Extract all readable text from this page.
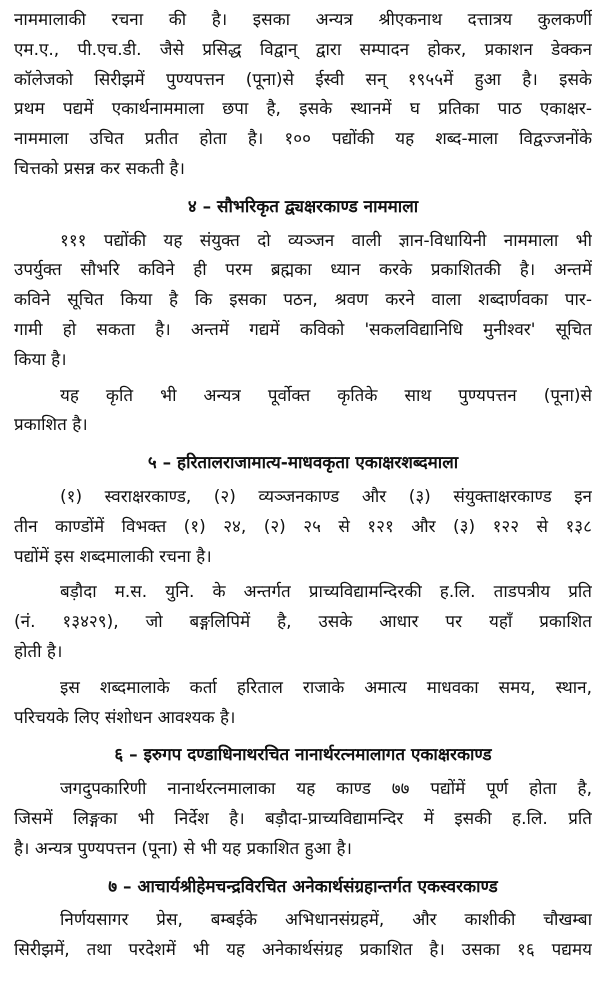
नाममालाकी रचना की है। इसका अन्यत्र श्रीएकनाथ दत्तात्रय कुलकर्णी
एम.ए., पी.एच.डी. जैसे प्रसिद्ध विद्वान् द्वारा सम्पादन होकर, प्रकाशन डेक्कन
कॉलेजको सिरीझमें पुण्यपत्तन (पूना)से ईस्वी सन् १९५५में हुआ है। इसके
प्रथम पद्यमें एकार्थनाममाला छपा है, इसके स्थानमें घ प्रतिका पाठ एकाक्षर-
नाममाला उचित प्रतीत होता है। १०० पद्योंकी यह शब्द-माला विद्वज्जनोंके
चित्तको प्रसन्न कर सकती है।
४ – सौभरिकृत द्व्यक्षरकाण्ड नाममाला
१११ पद्योंकी यह संयुक्त दो व्यञ्जन वाली ज्ञान-विधायिनी नाममाला भी
उपर्युक्त सौभरि कविने ही परम ब्रह्मका ध्यान करके प्रकाशितकी है। अन्तमें
कविने सूचित किया है कि इसका पठन, श्रवण करने वाला शब्दार्णवका पार-
गामी हो सकता है। अन्तमें गद्यमें कविको 'सकलविद्यानिधि मुनीश्वर' सूचित
किया है।
यह कृति भी अन्यत्र पूर्वोक्त कृतिके साथ पुण्यपत्तन (पूना)से
प्रकाशित है।
५ – हरितालराजामात्य-माधवकृता एकाक्षरशब्दमाला
(१) स्वराक्षरकाण्ड, (२) व्यञ्जनकाण्ड और (३) संयुक्ताक्षरकाण्ड इन
तीन काण्डोंमें विभक्त (१) २४, (२) २५ से १२१ और (३) १२२ से १३८
पद्योंमें इस शब्दमालाकी रचना है।
बड़ौदा म.स. युनि. के अन्तर्गत प्राच्यविद्यामन्दिरकी ह.लि. ताडपत्रीय प्रति
(नं. १३४२९), जो बङ्गलिपिमें है, उसके आधार पर यहाँ प्रकाशित
होती है।
इस शब्दमालाके कर्ता हरिताल राजाके अमात्य माधवका समय, स्थान,
परिचयके लिए संशोधन आवश्यक है।
६ – इरुगप दण्डाधिनाथरचित नानार्थरत्नमालागत एकाक्षरकाण्ड
जगदुपकारिणी नानार्थरत्नमालाका यह काण्ड ७७ पद्योंमें पूर्ण होता है,
जिसमें लिङ्गका भी निर्देश है। बड़ौदा-प्राच्यविद्यामन्दिर में इसकी ह.लि. प्रति
है। अन्यत्र पुण्यपत्तन (पूना) से भी यह प्रकाशित हुआ है।
७ – आचार्यश्रीहेमचन्द्रविरचित अनेकार्थसंग्रहान्तर्गत एकस्वरकाण्ड
निर्णयसागर प्रेस, बम्बईके अभिधानसंग्रहमें, और काशीकी चौखम्बा
सिरीझमें, तथा परदेशमें भी यह अनेकार्थसंग्रह प्रकाशित है। उसका १६ पद्यमय
